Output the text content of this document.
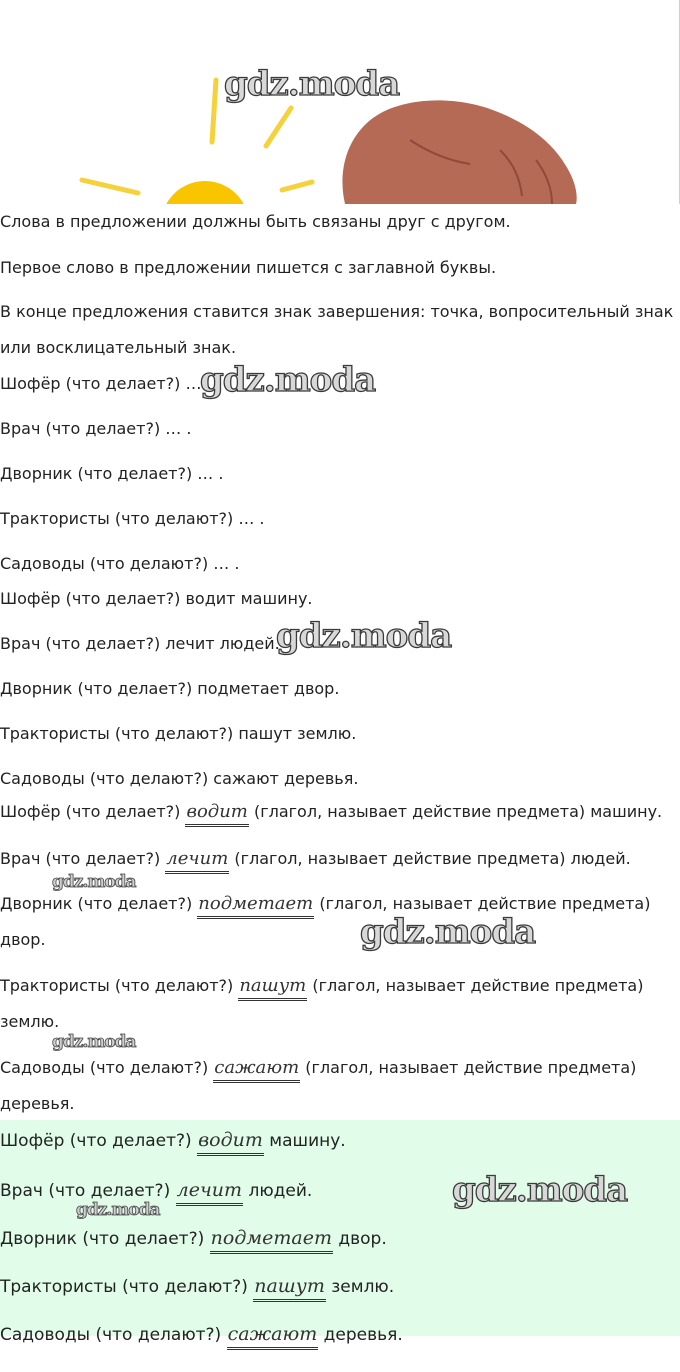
gdz.moda
Слова в предложении должны быть связаны друг с другом.
Первое слово в предложении пишется с заглавной буквы.
В конце предложения ставится знак завершения: точка, вопросительный знак или восклицательный знак.
Шофёр (что делает?) … .
Врач (что делает?) … .
Дворник (что делает?) … .
Трактористы (что делают?) … .
Садоводы (что делают?) … .
gdz.moda
Шофёр (что делает?) водит машину.
Врач (что делает?) лечит людей.
Дворник (что делает?) подметает двор.
Трактористы (что делают?) пашут землю.
Садоводы (что делают?) сажают деревья.
gdz.moda
Шофёр (что делает?) водит (глагол, называет действие предмета) машину.
Врач (что делает?) лечит (глагол, называет действие предмета) людей.
gdz.moda
Дворник (что делает?) подметает (глагол, называет действие предмета) двор.	gdz.moda
Трактористы (что делают?) пашут (глагол, называет действие предмета) землю.
gdz.moda
Садоводы (что делают?) сажают (глагол, называет действие предмета) деревья.
Шофёр (что делает?) водит машину.
Врач (что делает?) лечит людей.
gdz.moda	gdz.moda
Дворник (что делает?) подметает двор.
Трактористы (что делают?) пашут землю.
Садоводы (что делают?) сажают деревья.
